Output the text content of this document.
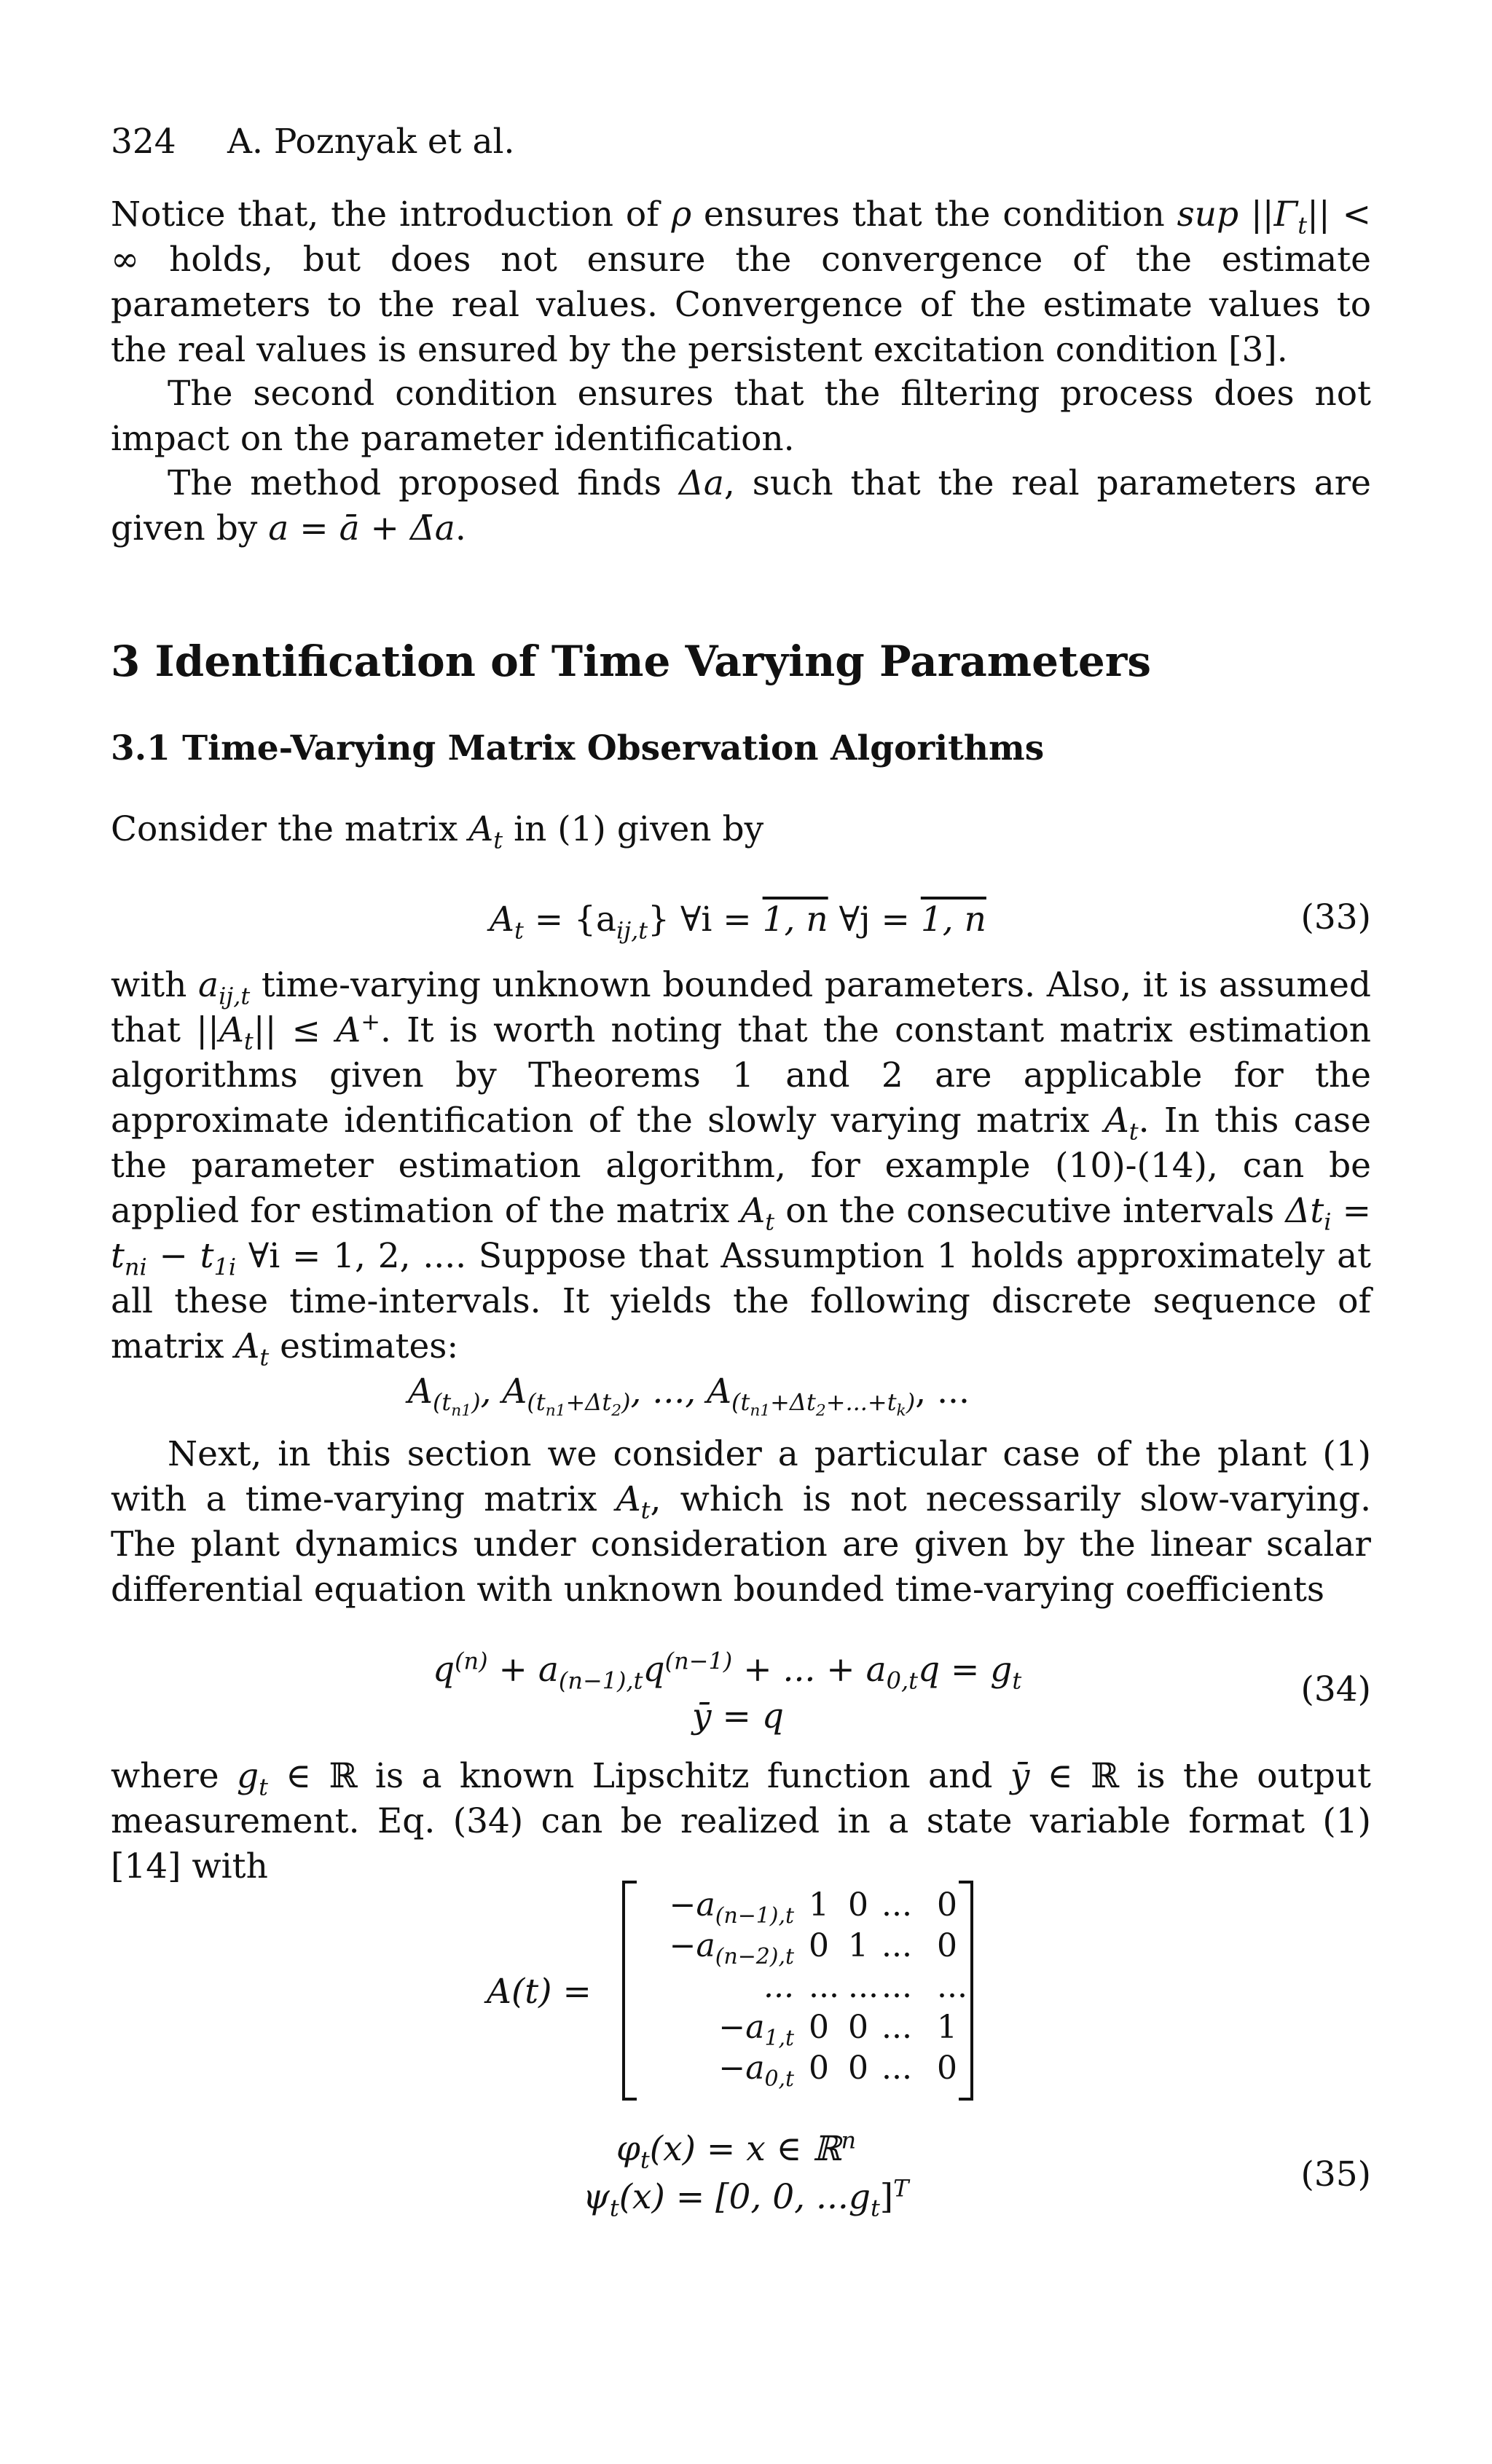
324 A. Poznyak et al.
Notice that, the introduction of ρ ensures that the condition sup $||\Gamma_t||$ < ∞ holds, but does not ensure the convergence of the estimate parameters to the real values. Convergence of the estimate values to the real values is ensured by the persistent excitation condition [3].
The second condition ensures that the filtering process does not impact on the parameter identification.
The method proposed finds Δa, such that the real parameters are given by a = ā + Δ̄a.
3 Identification of Time Varying Parameters
3.1 Time-Varying Matrix Observation Algorithms
Consider the matrix $A_t$ in (1) given by
$A_t = \{a_{ij,t}\}$ ∀i = 1, n ∀j = 1, n	(33)
with $a_{ij,t}$ time-varying unknown bounded parameters. Also, it is assumed that $||A_t|| \le A^+$. It is worth noting that the constant matrix estimation algorithms given by Theorems 1 and 2 are applicable for the approximate identification of the slowly varying matrix $A_t$. In this case the parameter estimation algorithm, for example (10)-(14), can be applied for estimation of the matrix $A_t$ on the consecutive intervals $\Delta t_i = t_{ni} - t_{1i}$ ∀i = 1, 2, .... Suppose that Assumption 1 holds approximately at all these time-intervals. It yields the following discrete sequence of matrix $A_t$ estimates:
$A_{(t_{n1})}$, $A_{(t_{n1}+\Delta t_2)}$, ..., $A_{(t_{n1}+\Delta t_2+...+t_k)}$, ...
Next, in this section we consider a particular case of the plant (1) with a time-varying matrix $A_t$, which is not necessarily slow-varying. The plant dynamics under consideration are given by the linear scalar differential equation with unknown bounded time-varying coefficients
$q^{(n)} + a_{(n-1),t}q^{(n-1)}$ + ... + $a_{0,t}q = g_t$
ȳ = q
(34)
where $g_t$ ∈ ℝ is a known Lipschitz function and ȳ ∈ ℝ is the output measurement. Eq. (34) can be realized in a state variable format (1) [14] with
A(t) =
$-a_{(n-1),t}$ 1 0 ... 0
$-a_{(n-2),t}$ 0 1 ... 0
... ... ... ... ...
$-a_{1,t}$ 0 0 ... 1
$-a_{0,t}$ 0 0 ... 0
$\varphi_t(x) = x$ ∈ ℝ$^n$
$\psi_t(x) = [0$, 0, $...g_t]^T$	(35)
